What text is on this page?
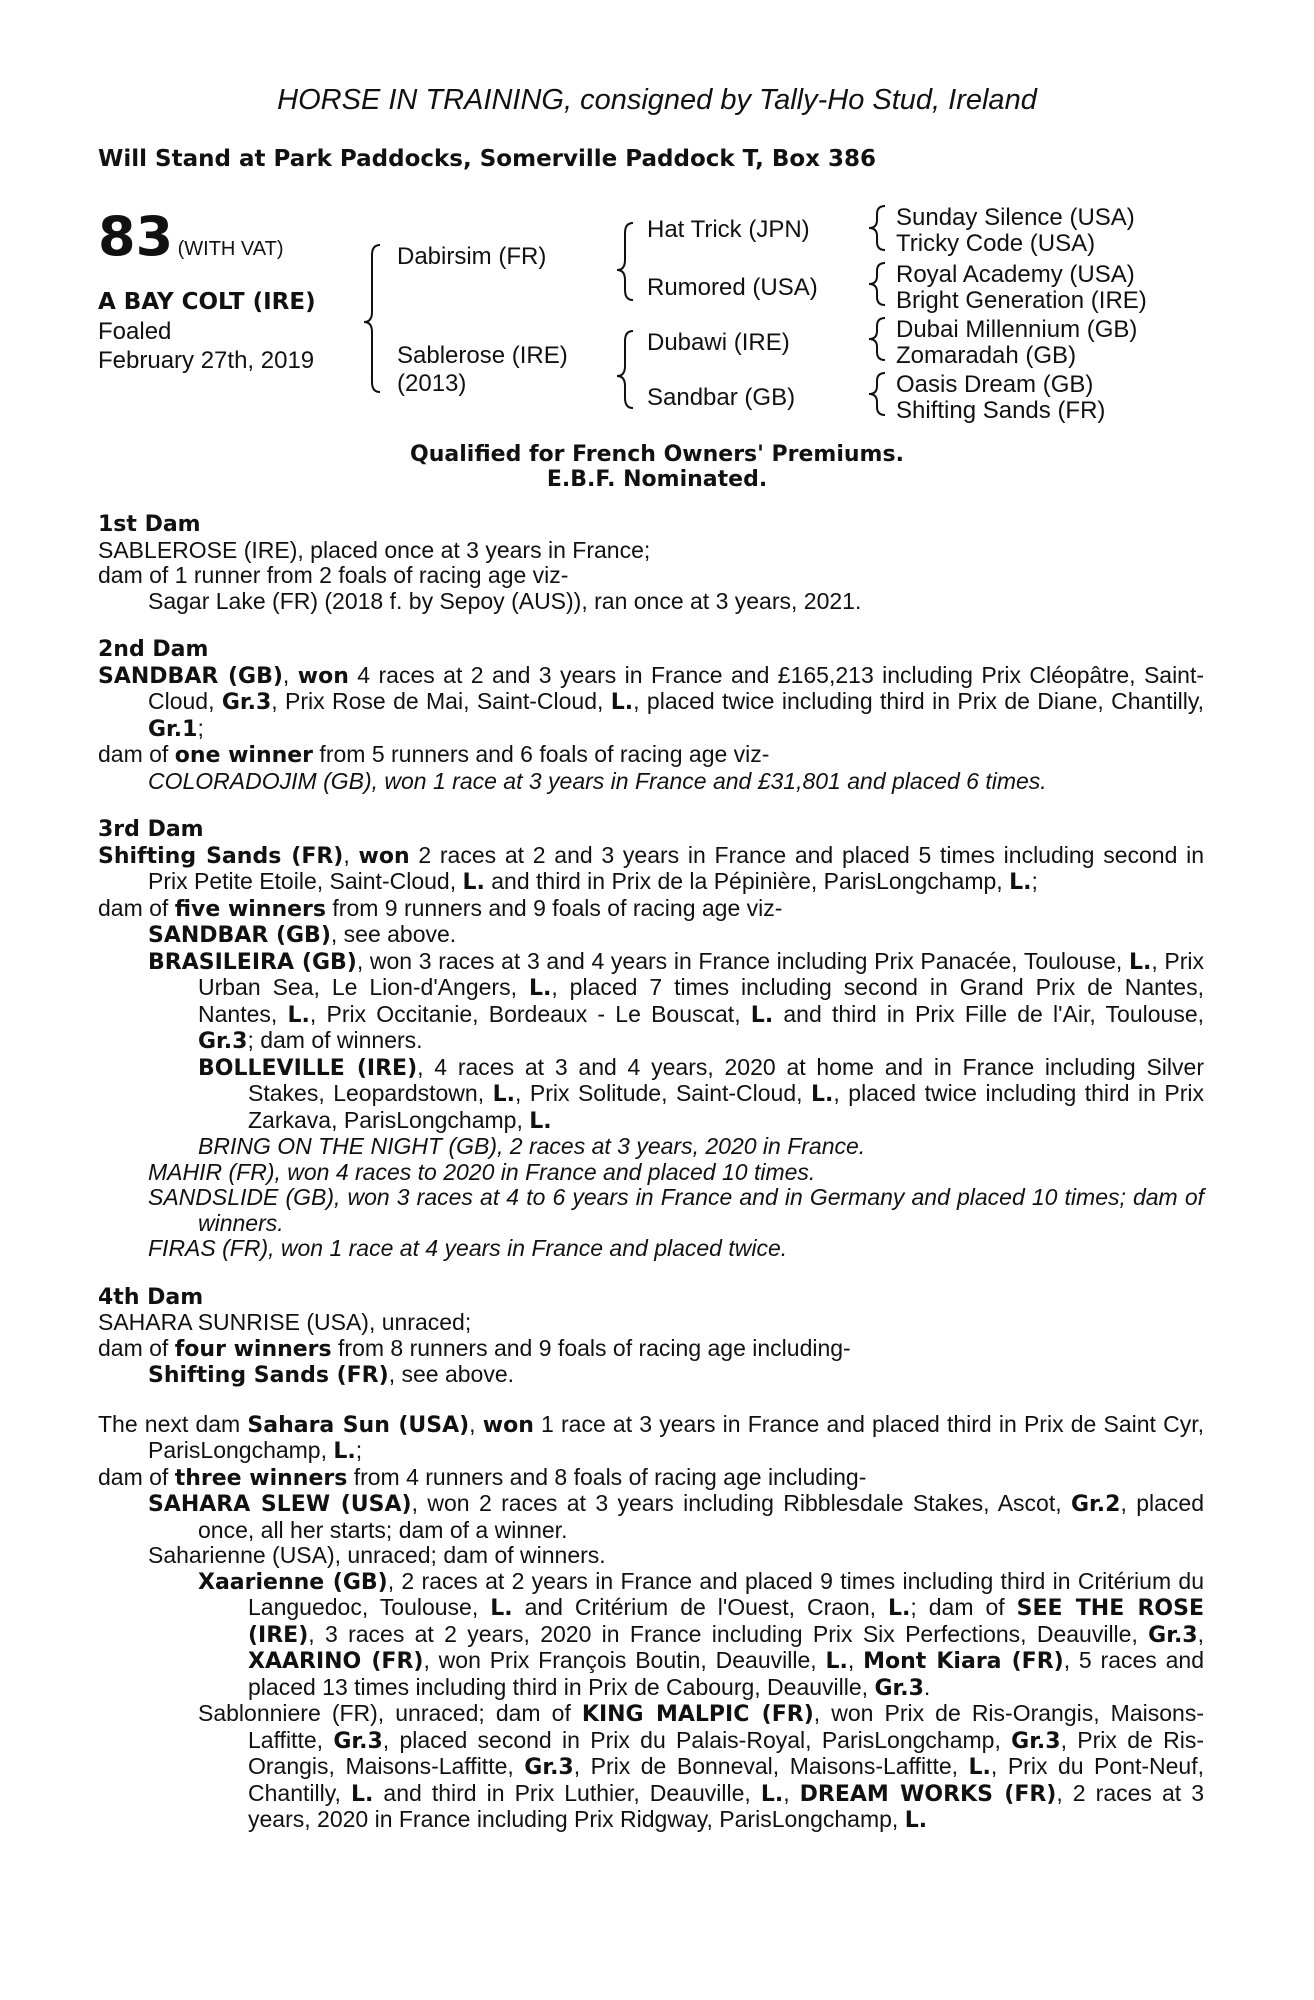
HORSE IN TRAINING, consigned by Tally-Ho Stud, Ireland
Will Stand at Park Paddocks, Somerville Paddock T, Box 386
83 (WITH VAT)
A BAY COLT (IRE)
Foaled
February 27th, 2019
Dabirsim (FR)
Sablerose (IRE)
(2013)
Hat Trick (JPN)
Rumored (USA)
Dubawi (IRE)
Sandbar (GB)
Sunday Silence (USA)
Tricky Code (USA)
Royal Academy (USA)
Bright Generation (IRE)
Dubai Millennium (GB)
Zomaradah (GB)
Oasis Dream (GB)
Shifting Sands (FR)
Qualified for French Owners' Premiums.
E.B.F. Nominated.
1st Dam
SABLEROSE (IRE), placed once at 3 years in France;
dam of 1 runner from 2 foals of racing age viz-
Sagar Lake (FR) (2018 f. by Sepoy (AUS)), ran once at 3 years, 2021.
2nd Dam
SANDBAR (GB), won 4 races at 2 and 3 years in France and £165,213 including Prix Cléopâtre, Saint-Cloud, Gr.3, Prix Rose de Mai, Saint-Cloud, L., placed twice including third in Prix de Diane, Chantilly, Gr.1;
dam of one winner from 5 runners and 6 foals of racing age viz-
COLORADOJIM (GB), won 1 race at 3 years in France and £31,801 and placed 6 times.
3rd Dam
Shifting Sands (FR), won 2 races at 2 and 3 years in France and placed 5 times including second in Prix Petite Etoile, Saint-Cloud, L. and third in Prix de la Pépinière, ParisLongchamp, L.;
dam of five winners from 9 runners and 9 foals of racing age viz-
SANDBAR (GB), see above.
BRASILEIRA (GB), won 3 races at 3 and 4 years in France including Prix Panacée, Toulouse, L., Prix Urban Sea, Le Lion-d'Angers, L., placed 7 times including second in Grand Prix de Nantes, Nantes, L., Prix Occitanie, Bordeaux - Le Bouscat, L. and third in Prix Fille de l'Air, Toulouse, Gr.3; dam of winners.
BOLLEVILLE (IRE), 4 races at 3 and 4 years, 2020 at home and in France including Silver Stakes, Leopardstown, L., Prix Solitude, Saint-Cloud, L., placed twice including third in Prix Zarkava, ParisLongchamp, L.
BRING ON THE NIGHT (GB), 2 races at 3 years, 2020 in France.
MAHIR (FR), won 4 races to 2020 in France and placed 10 times.
SANDSLIDE (GB), won 3 races at 4 to 6 years in France and in Germany and placed 10 times; dam of winners.
FIRAS (FR), won 1 race at 4 years in France and placed twice.
4th Dam
SAHARA SUNRISE (USA), unraced;
dam of four winners from 8 runners and 9 foals of racing age including-
Shifting Sands (FR), see above.
The next dam Sahara Sun (USA), won 1 race at 3 years in France and placed third in Prix de Saint Cyr, ParisLongchamp, L.;
dam of three winners from 4 runners and 8 foals of racing age including-
SAHARA SLEW (USA), won 2 races at 3 years including Ribblesdale Stakes, Ascot, Gr.2, placed once, all her starts; dam of a winner.
Saharienne (USA), unraced; dam of winners.
Xaarienne (GB), 2 races at 2 years in France and placed 9 times including third in Critérium du Languedoc, Toulouse, L. and Critérium de l'Ouest, Craon, L.; dam of SEE THE ROSE (IRE), 3 races at 2 years, 2020 in France including Prix Six Perfections, Deauville, Gr.3, XAARINO (FR), won Prix François Boutin, Deauville, L., Mont Kiara (FR), 5 races and placed 13 times including third in Prix de Cabourg, Deauville, Gr.3.
Sablonniere (FR), unraced; dam of KING MALPIC (FR), won Prix de Ris-Orangis, Maisons-Laffitte, Gr.3, placed second in Prix du Palais-Royal, ParisLongchamp, Gr.3, Prix de Ris-Orangis, Maisons-Laffitte, Gr.3, Prix de Bonneval, Maisons-Laffitte, L., Prix du Pont-Neuf, Chantilly, L. and third in Prix Luthier, Deauville, L., DREAM WORKS (FR), 2 races at 3 years, 2020 in France including Prix Ridgway, ParisLongchamp, L.
